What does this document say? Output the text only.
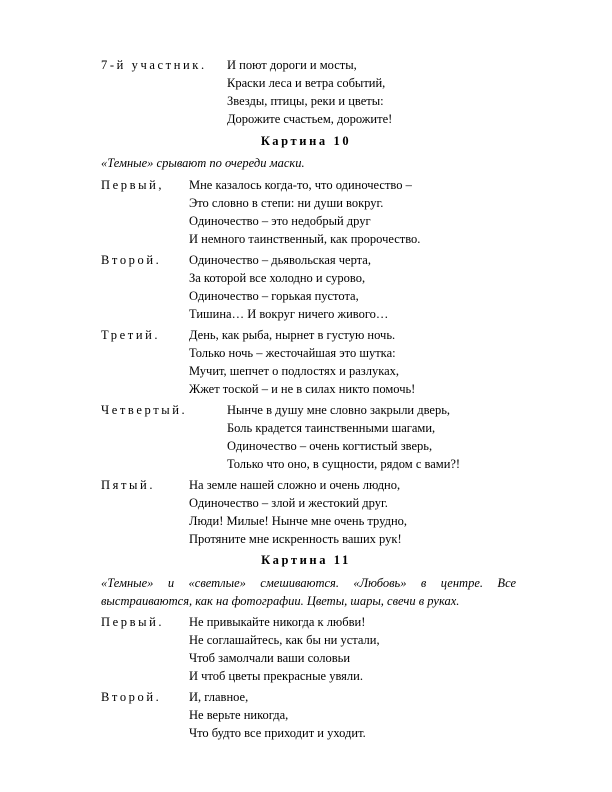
7-й участник. И поют дороги и мосты,
Краски леса и ветра событий,
Звезды, птицы, реки и цветы:
Дорожите счастьем, дорожите!
Картина 10
«Темные» срывают по очереди маски.
Первый, Мне казалось когда-то, что одиночество –
Это словно в степи: ни души вокруг.
Одиночество – это недобрый друг
И немного таинственный, как пророчество.
Второй. Одиночество – дьявольская черта,
За которой все холодно и сурово,
Одиночество – горькая пустота,
Тишина… И вокруг ничего живого…
Третий. День, как рыба, нырнет в густую ночь.
Только ночь – жесточайшая это шутка:
Мучит, шепчет о подлостях и разлуках,
Жжет тоской – и не в силах никто помочь!
Четвертый.	Нынче в душу мне словно закрыли дверь,
Боль крадется таинственными шагами,
Одиночество – очень когтистый зверь,
Только что оно, в сущности, рядом с вами?!
Пятый.	На земле нашей сложно и очень людно,
Одиночество – злой и жестокий друг.
Люди! Милые! Нынче мне очень трудно,
Протяните мне искренность ваших рук!
Картина 11
«Темные» и «светлые» смешиваются. «Любовь» в центре. Все
выстраиваются, как на фотографии. Цветы, шары, свечи в руках.
Первый. Не привыкайте никогда к любви!
Не соглашайтесь, как бы ни устали,
Чтоб замолчали ваши соловьи
И чтоб цветы прекрасные увяли.
Второй. И, главное,
Не верьте никогда,
Что будто все приходит и уходит.
